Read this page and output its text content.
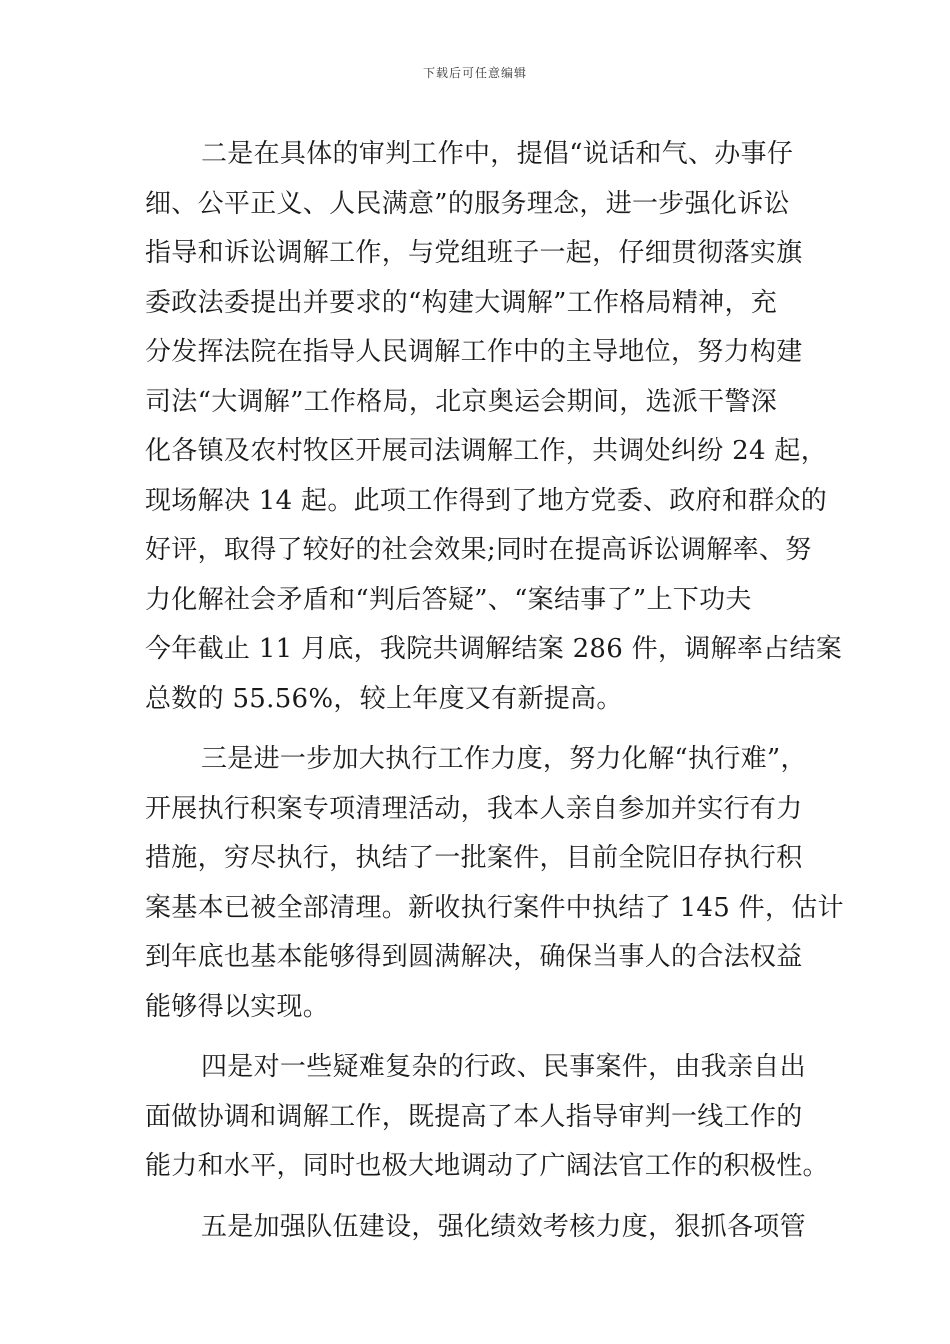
下载后可任意编辑
二是在具体的审判工作中，提倡“说话和气、办事仔
细、公平正义、人民满意”的服务理念，进一步强化诉讼
指导和诉讼调解工作，与党组班子一起，仔细贯彻落实旗
委政法委提出并要求的“构建大调解”工作格局精神，充
分发挥法院在指导人民调解工作中的主导地位，努力构建
司法“大调解”工作格局，北京奥运会期间，选派干警深
化各镇及农村牧区开展司法调解工作，共调处纠纷 24 起，
现场解决 14 起。此项工作得到了地方党委、政府和群众的
好评，取得了较好的社会效果;同时在提高诉讼调解率、努
力化解社会矛盾和“判后答疑”、“案结事了”上下功夫
今年截止 11 月底，我院共调解结案 286 件，调解率占结案
总数的 55.56%，较上年度又有新提高。
三是进一步加大执行工作力度，努力化解“执行难”，
开展执行积案专项清理活动，我本人亲自参加并实行有力
措施，穷尽执行，执结了一批案件，目前全院旧存执行积
案基本已被全部清理。新收执行案件中执结了 145 件，估计
到年底也基本能够得到圆满解决，确保当事人的合法权益
能够得以实现。
四是对一些疑难复杂的行政、民事案件，由我亲自出
面做协调和调解工作，既提高了本人指导审判一线工作的
能力和水平，同时也极大地调动了广阔法官工作的积极性。
五是加强队伍建设，强化绩效考核力度，狠抓各项管
